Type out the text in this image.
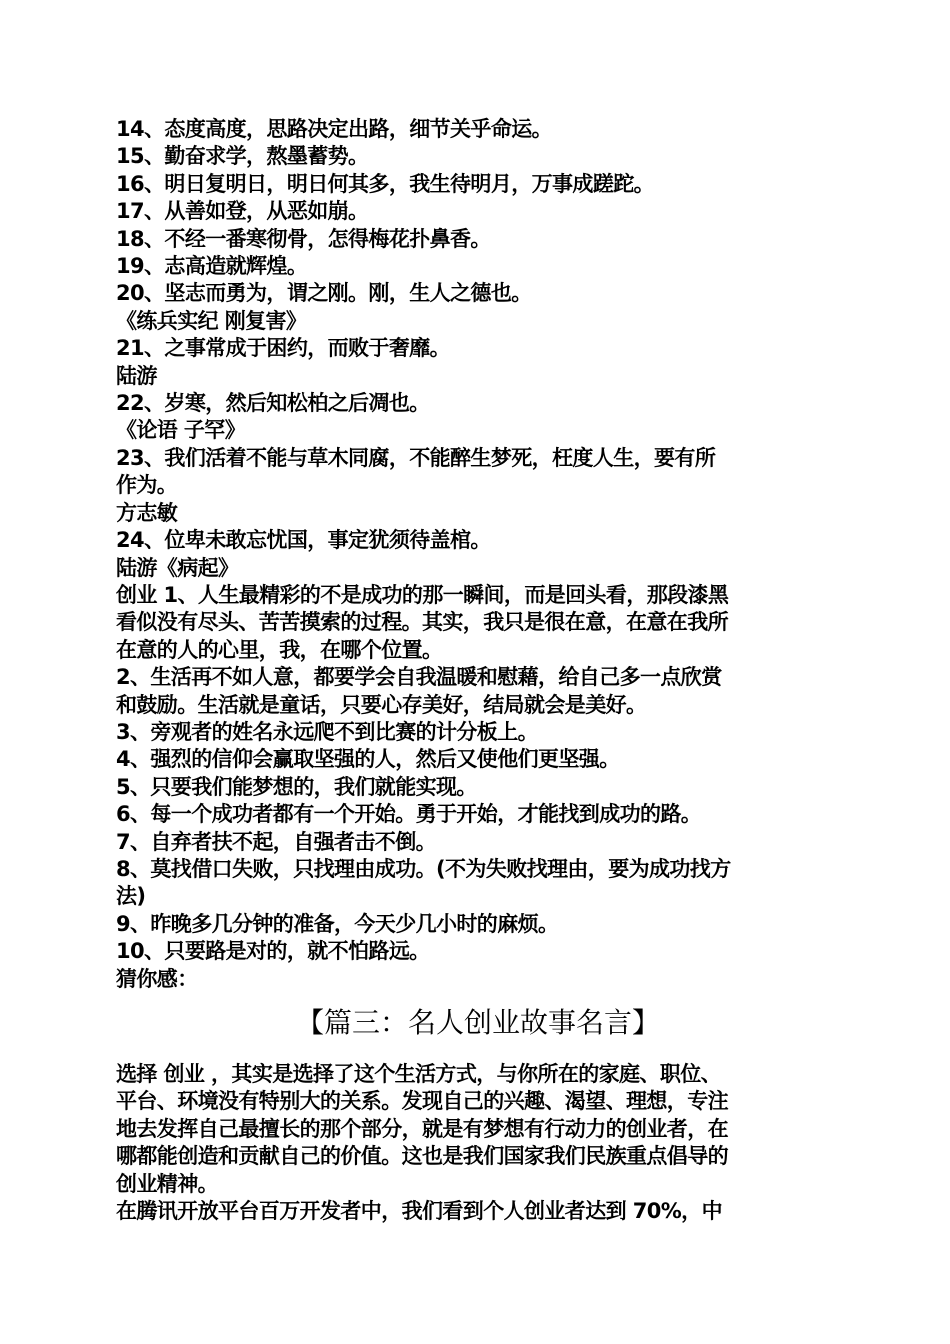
14、态度高度，思路决定出路，细节关乎命运。
15、勤奋求学，熬墨蓄势。
16、明日复明日，明日何其多，我生待明月，万事成蹉跎。
17、从善如登，从恶如崩。
18、不经一番寒彻骨，怎得梅花扑鼻香。
19、志高造就辉煌。
20、坚志而勇为，谓之刚。刚，生人之德也。
《练兵实纪 刚复害》
21、之事常成于困约，而败于奢靡。
陆游
22、岁寒，然后知松柏之后凋也。
《论语 子罕》
23、我们活着不能与草木同腐，不能醉生梦死，枉度人生，要有所
作为。
方志敏
24、位卑未敢忘忧国，事定犹须待盖棺。
陆游《病起》
创业 1、人生最精彩的不是成功的那一瞬间，而是回头看，那段漆黑
看似没有尽头、苦苦摸索的过程。其实，我只是很在意，在意在我所
在意的人的心里，我，在哪个位置。
2、生活再不如人意，都要学会自我温暖和慰藉，给自己多一点欣赏
和鼓励。生活就是童话，只要心存美好，结局就会是美好。
3、旁观者的姓名永远爬不到比赛的计分板上。
4、强烈的信仰会赢取坚强的人，然后又使他们更坚强。
5、只要我们能梦想的，我们就能实现。
6、每一个成功者都有一个开始。勇于开始，才能找到成功的路。
7、自弃者扶不起，自强者击不倒。
8、莫找借口失败，只找理由成功。(不为失败找理由，要为成功找方
法)
9、昨晚多几分钟的准备，今天少几小时的麻烦。
10、只要路是对的，就不怕路远。
猜你感：
【篇三：名人创业故事名言】
选择 创业 ，其实是选择了这个生活方式，与你所在的家庭、职位、
平台、环境没有特别大的关系。发现自己的兴趣、渴望、理想，专注
地去发挥自己最擅长的那个部分，就是有梦想有行动力的创业者，在
哪都能创造和贡献自己的价值。这也是我们国家我们民族重点倡导的
创业精神。
在腾讯开放平台百万开发者中，我们看到个人创业者达到 70%，中
